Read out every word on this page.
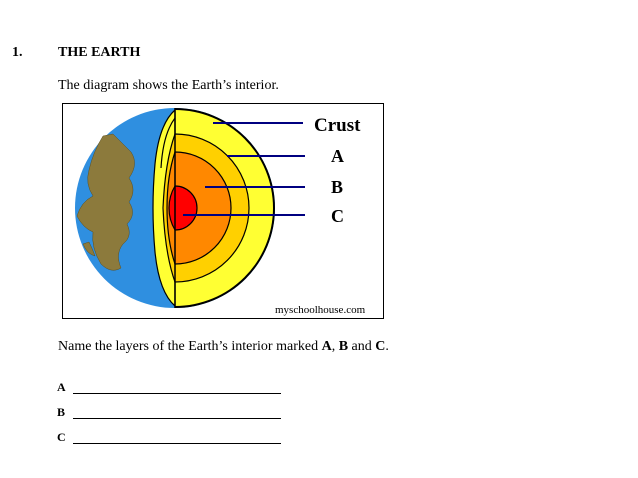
1.	THE EARTH
The diagram shows the Earth’s interior.
Crust
A
B
C
myschoolhouse.com
Name the layers of the Earth’s interior marked A, B and C.
A
B
C
